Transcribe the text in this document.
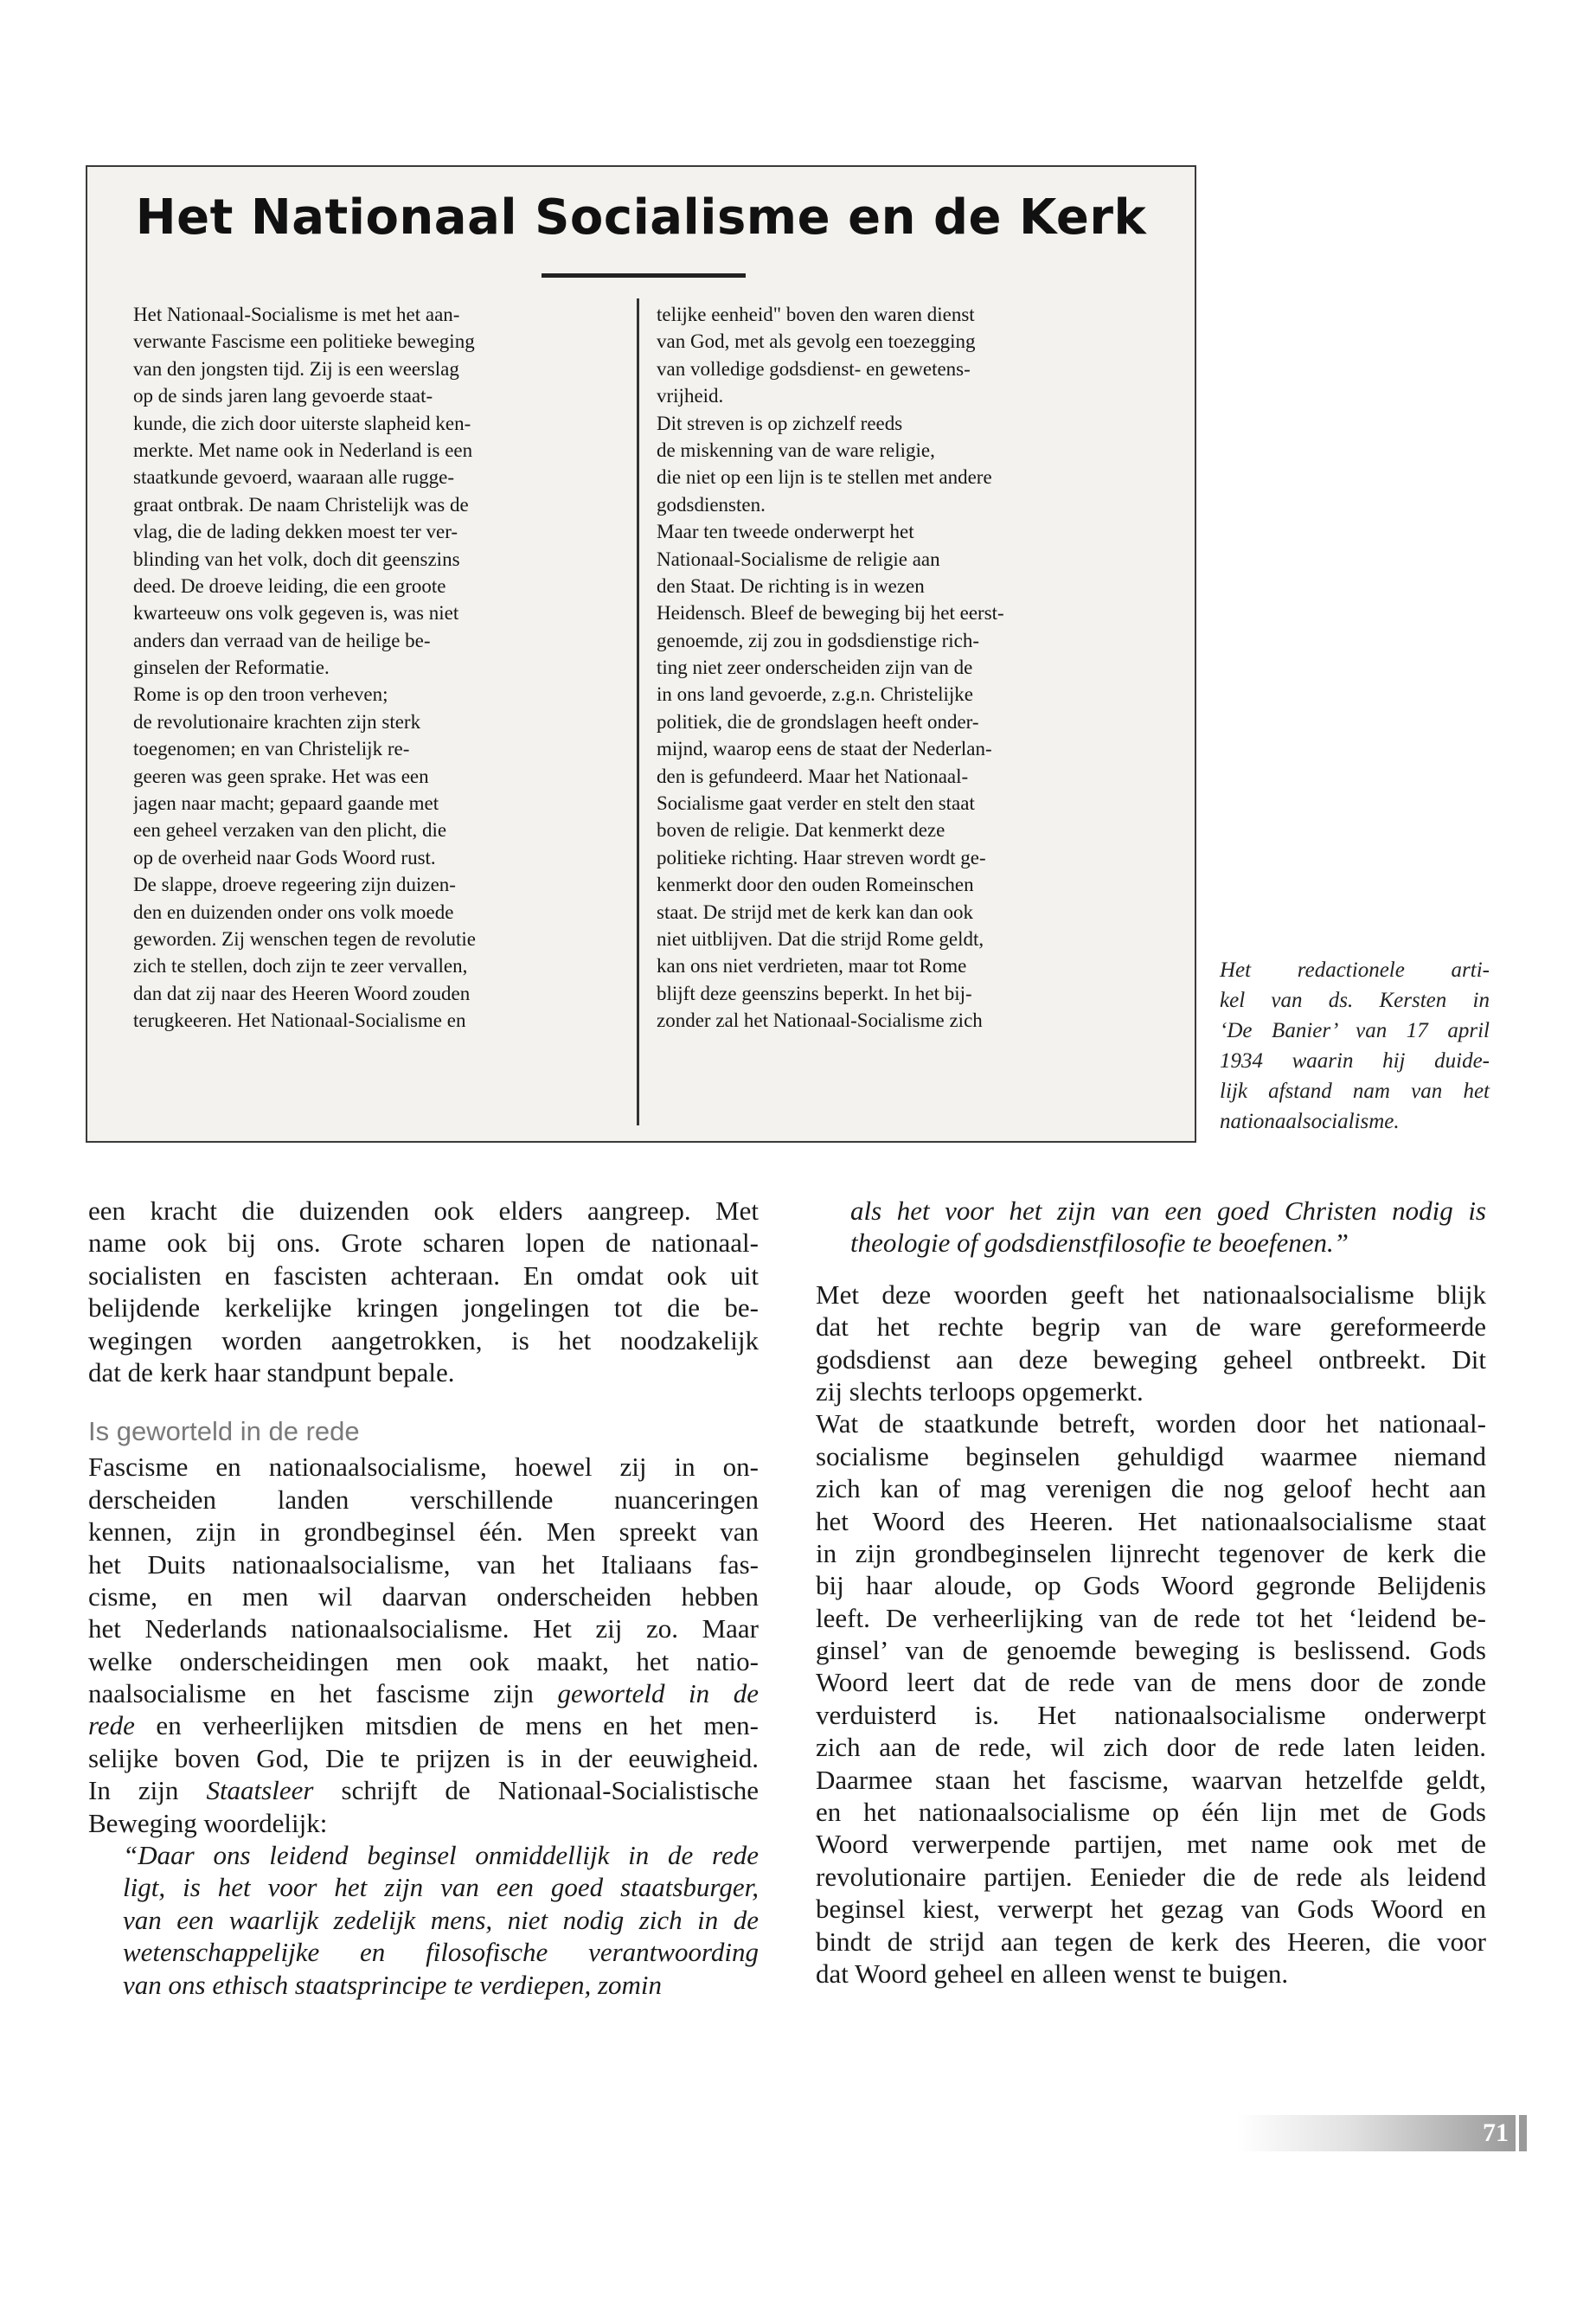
Het Nationaal Socialisme en de Kerk
Het Nationaal-Socialisme is met het aan-
verwante Fascisme een politieke beweging
van den jongsten tijd. Zij is een weerslag
op de sinds jaren lang gevoerde staat-
kunde, die zich door uiterste slapheid ken-
merkte. Met name ook in Nederland is een
staatkunde gevoerd, waaraan alle rugge-
graat ontbrak. De naam Christelijk was de
vlag, die de lading dekken moest ter ver-
blinding van het volk, doch dit geenszins
deed. De droeve leiding, die een groote
kwarteeuw ons volk gegeven is, was niet
anders dan verraad van de heilige be-
ginselen der Reformatie.
Rome is op den troon verheven;
de revolutionaire krachten zijn sterk
toegenomen; en van Christelijk re-
geeren was geen sprake. Het was een
jagen naar macht; gepaard gaande met
een geheel verzaken van den plicht, die
op de overheid naar Gods Woord rust.
De slappe, droeve regeering zijn duizen-
den en duizenden onder ons volk moede
geworden. Zij wenschen tegen de revolutie
zich te stellen, doch zijn te zeer vervallen,
dan dat zij naar des Heeren Woord zouden
terugkeeren. Het Nationaal-Socialisme en
telijke eenheid" boven den waren dienst
van God, met als gevolg een toezegging
van volledige godsdienst- en gewetens-
vrijheid.
Dit streven is op zichzelf reeds
de miskenning van de ware religie,
die niet op een lijn is te stellen met andere
godsdiensten.
Maar ten tweede onderwerpt het
Nationaal-Socialisme de religie aan
den Staat. De richting is in wezen
Heidensch. Bleef de beweging bij het eerst-
genoemde, zij zou in godsdienstige rich-
ting niet zeer onderscheiden zijn van de
in ons land gevoerde, z.g.n. Christelijke
politiek, die de grondslagen heeft onder-
mijnd, waarop eens de staat der Nederlan-
den is gefundeerd. Maar het Nationaal-
Socialisme gaat verder en stelt den staat
boven de religie. Dat kenmerkt deze
politieke richting. Haar streven wordt ge-
kenmerkt door den ouden Romeinschen
staat. De strijd met de kerk kan dan ook
niet uitblijven. Dat die strijd Rome geldt,
kan ons niet verdrieten, maar tot Rome
blijft deze geenszins beperkt. In het bij-
zonder zal het Nationaal-Socialisme zich
Het redactionele arti-
kel van ds. Kersten in
‘De Banier’ van 17 april
1934 waarin hij duide-
lijk afstand nam van het
nationaalsocialisme.
een kracht die duizenden ook elders aangreep. Met
name ook bij ons. Grote scharen lopen de nationaal-
socialisten en fascisten achteraan. En omdat ook uit
belijdende kerkelijke kringen jongelingen tot die be-
wegingen worden aangetrokken, is het noodzakelijk
dat de kerk haar standpunt bepale.
Is geworteld in de rede
Fascisme en nationaalsocialisme, hoewel zij in on-
derscheiden landen verschillende nuanceringen
kennen, zijn in grondbeginsel één. Men spreekt van
het Duits nationaalsocialisme, van het Italiaans fas-
cisme, en men wil daarvan onderscheiden hebben
het Nederlands nationaalsocialisme. Het zij zo. Maar
welke onderscheidingen men ook maakt, het natio-
naalsocialisme en het fascisme zijn geworteld in de
rede en verheerlijken mitsdien de mens en het men-
selijke boven God, Die te prijzen is in der eeuwigheid.
In zijn Staatsleer schrijft de Nationaal-Socialistische
Beweging woordelijk:
“Daar ons leidend beginsel onmiddellijk in de rede
ligt, is het voor het zijn van een goed staatsburger,
van een waarlijk zedelijk mens, niet nodig zich in de
wetenschappelijke en filosofische verantwoording
van ons ethisch staatsprincipe te verdiepen, zomin
als het voor het zijn van een goed Christen nodig is
theologie of godsdienstfilosofie te beoefenen.”
Met deze woorden geeft het nationaalsocialisme blijk
dat het rechte begrip van de ware gereformeerde
godsdienst aan deze beweging geheel ontbreekt. Dit
zij slechts terloops opgemerkt.
Wat de staatkunde betreft, worden door het nationaal-
socialisme beginselen gehuldigd waarmee niemand
zich kan of mag verenigen die nog geloof hecht aan
het Woord des Heeren. Het nationaalsocialisme staat
in zijn grondbeginselen lijnrecht tegenover de kerk die
bij haar aloude, op Gods Woord gegronde Belijdenis
leeft. De verheerlijking van de rede tot het ‘leidend be-
ginsel’ van de genoemde beweging is beslissend. Gods
Woord leert dat de rede van de mens door de zonde
verduisterd is. Het nationaalsocialisme onderwerpt
zich aan de rede, wil zich door de rede laten leiden.
Daarmee staan het fascisme, waarvan hetzelfde geldt,
en het nationaalsocialisme op één lijn met de Gods
Woord verwerpende partijen, met name ook met de
revolutionaire partijen. Eenieder die de rede als leidend
beginsel kiest, verwerpt het gezag van Gods Woord en
bindt de strijd aan tegen de kerk des Heeren, die voor
dat Woord geheel en alleen wenst te buigen.
71
